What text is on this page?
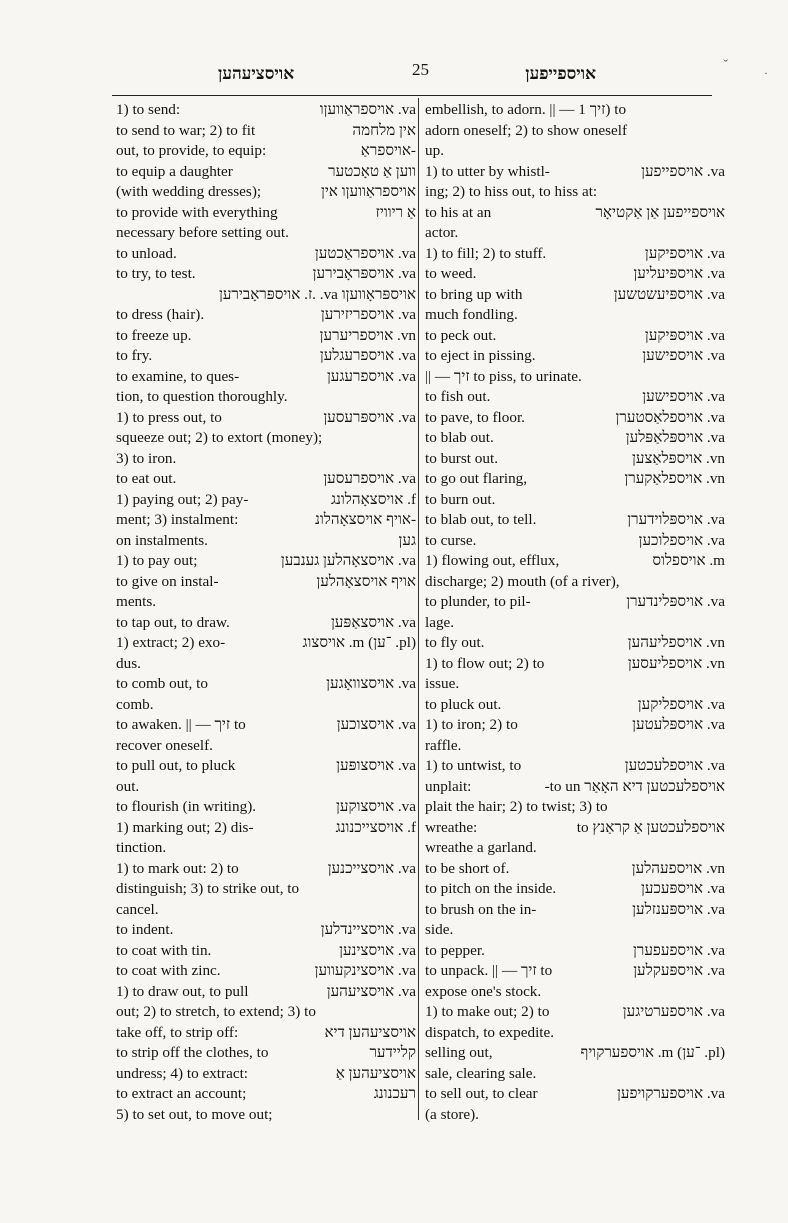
אויסציעהען	25	אויספייפען	ˇ	·
1) to send:	va. אויספראַוועןו
to send to war; 2) to fit	אין מלחמה
out, to provide, to equip:	-אויספראַ
to equip a daughter	ווען אַ טאָכטער
(with wedding dresses);	אויספראַוועןו אין
to provide with everything	אַ ריוויז
necessary before setting out.
to unload.	va. אויספראַכטען
to try, to test.	va. אויספּראָבירען
אויספּראָוועןו va. .ז. אויספּראָבירען
to dress (hair).	va. אויספריזירען
to freeze up.	vn. אויספריערען
to fry.	va. אויספרעגלען
to examine, to ques-	va. אויספרעגען
tion, to question thoroughly.
1) to press out, to	va. אויספּרעסען
squeeze out; 2) to extort (money);
3) to iron.
to eat out.	va. אויספרעסען
1) paying out; 2) pay-	f. אויסצאָהלונג
ment; 3) instalment:	-אויף אויסצאָהלונ
on instalments.	גען
1) to pay out;	va. אויסצאָהלען גענבען
to give on instal-	אויף אויסצאָהלען
ments.
to tap out, to draw.	va. אויסצאַפּען
1) extract; 2) exo-	(pl. ־ען) m. אויסצוג
dus.
to comb out, to	va. אויסצוואָגען
comb.
to awaken. || — זיך to	va. אויסצוכען
recover oneself.
to pull out, to pluck	va. אויסצופּען
out.
to flourish (in writing).	va. אויסצוקען
1) marking out; 2) dis-	f. אויסצייכנונג
tinction.
1) to mark out: 2) to	va. אויסצייכנען
distinguish; 3) to strike out, to
cancel.
to indent.	va. אויסציינדלען
to coat with tin.	va. אויסצינען
to coat with zinc.	va. אויסצינקעווען
1) to draw out, to pull	va. אויסציעהען
out; 2) to stretch, to extend; 3) to
take off, to strip off:	אויסציעהען דיא
to strip off the clothes, to	קליידער
undress; 4) to extract:	אויסציעהען אַ
to extract an account;	רעכנונג
5) to set out, to move out;
embellish, to adorn. || — זיך 1) to
adorn oneself; 2) to show oneself
up.
1) to utter by whistl-	va. אויספייפען
ing; 2) to hiss out, to hiss at:
to his at an	אויספייפען אַן אַקטיאָר
actor.
1) to fill; 2) to stuff.	va. אויספיקען
to weed.	va. אויספּיעליען
to bring up with	va. אויספּיעשטשען
much fondling.
to peck out.	va. אויספּיקען
to eject in pissing.	va. אויספישען
|| — זיך to piss, to urinate.
to fish out.	va. אויספישען
to pave, to floor.	va. אויספלאַסטערן
to blab out.	va. אויספּלאַפּלען
to burst out.	vn. אויספּלאַצען
to go out flaring,	vn. אויספלאַקערן
to burn out.
to blab out, to tell.	va. אויספּלוידערן
to curse.	va. אויספלוכען
1) flowing out, efflux,	m. אויספלוס
discharge; 2) mouth (of a river),
to plunder, to pil-	va. אויספּלינדערן
lage.
to fly out.	vn. אויספליעהען
1) to flow out; 2) to	vn. אויספליעסען
issue.
to pluck out.	va. אויספליקען
1) to iron; 2) to	va. אויספּלעטען
raffle.
1) to untwist, to	va. אויספלעכטען
unplait:	אויספלעכטען דיא האָאַר to un-
plait the hair; 2) to twist; 3) to
wreathe:	אויספלעכטען אַ קראַנץ to
wreathe a garland.
to be short of.	vn. אויספעהלען
to pitch on the inside.	va. אויספּעכען
to brush on the in-	va. אויספּענזלען
side.
to pepper.	va. אויספעפערן
to unpack. || — זיך to	va. אויספּעקלען
expose one's stock.
1) to make out; 2) to	va. אויספערטיגען
dispatch, to expedite.
selling out,	(pl. ־ען) m. אויספערקויף
sale, clearing sale.
to sell out, to clear	va. אויספערקויפען
(a store).
